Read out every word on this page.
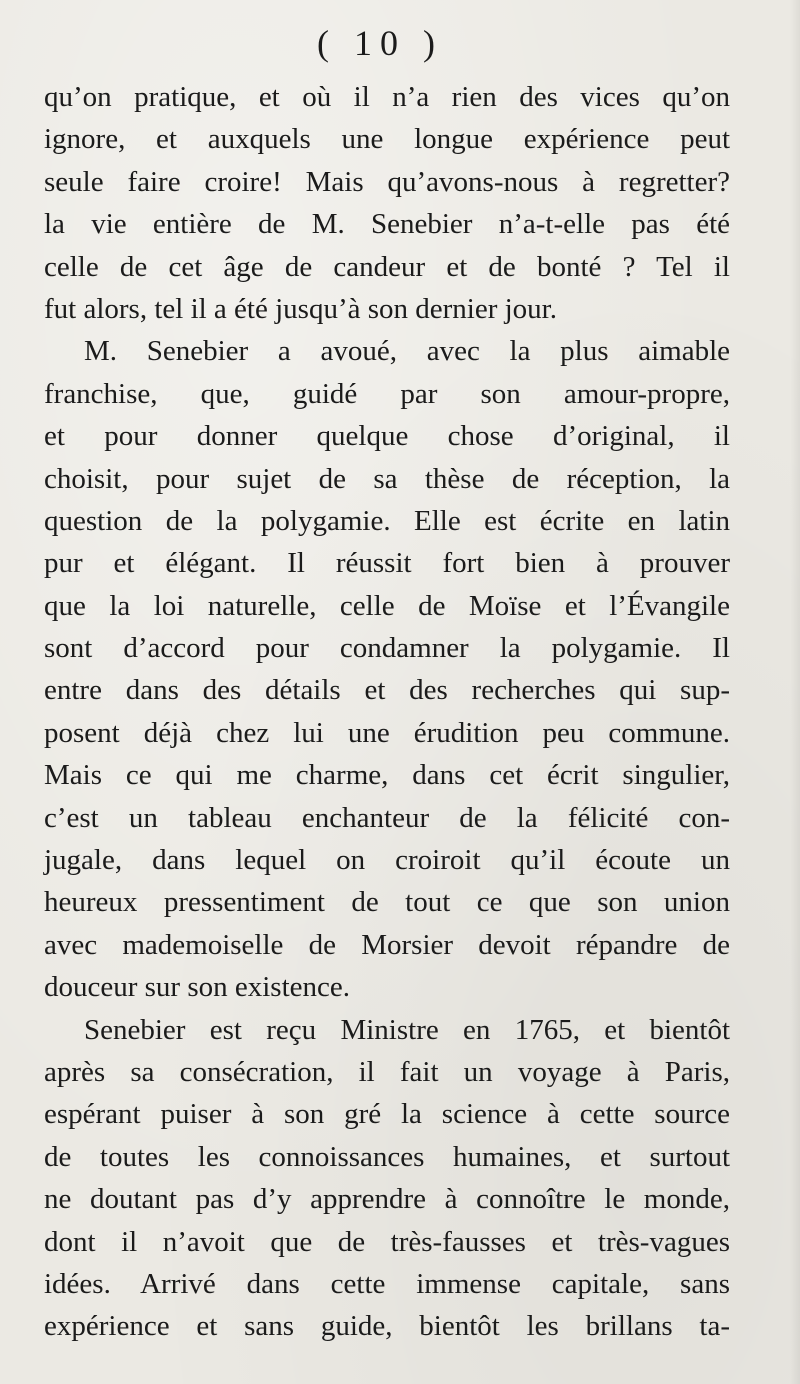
( 10 )
qu’on pratique, et où il n’a rien des vices qu’on
ignore, et auxquels une longue expérience peut
seule faire croire! Mais qu’avons-nous à regretter?
la vie entière de M. Senebier n’a-t-elle pas été
celle de cet âge de candeur et de bonté ? Tel il
fut alors, tel il a été jusqu’à son dernier jour.
M. Senebier a avoué, avec la plus aimable
franchise, que, guidé par son amour-propre,
et pour donner quelque chose d’original, il
choisit, pour sujet de sa thèse de réception, la
question de la polygamie. Elle est écrite en latin
pur et élégant. Il réussit fort bien à prouver
que la loi naturelle, celle de Moïse et l’Évangile
sont d’accord pour condamner la polygamie. Il
entre dans des détails et des recherches qui sup-
posent déjà chez lui une érudition peu commune.
Mais ce qui me charme, dans cet écrit singulier,
c’est un tableau enchanteur de la félicité con-
jugale, dans lequel on croiroit qu’il écoute un
heureux pressentiment de tout ce que son union
avec mademoiselle de Morsier devoit répandre de
douceur sur son existence.
Senebier est reçu Ministre en 1765, et bientôt
après sa consécration, il fait un voyage à Paris,
espérant puiser à son gré la science à cette source
de toutes les connoissances humaines, et surtout
ne doutant pas d’y apprendre à connoître le monde,
dont il n’avoit que de très-fausses et très-vagues
idées. Arrivé dans cette immense capitale, sans
expérience et sans guide, bientôt les brillans ta-
